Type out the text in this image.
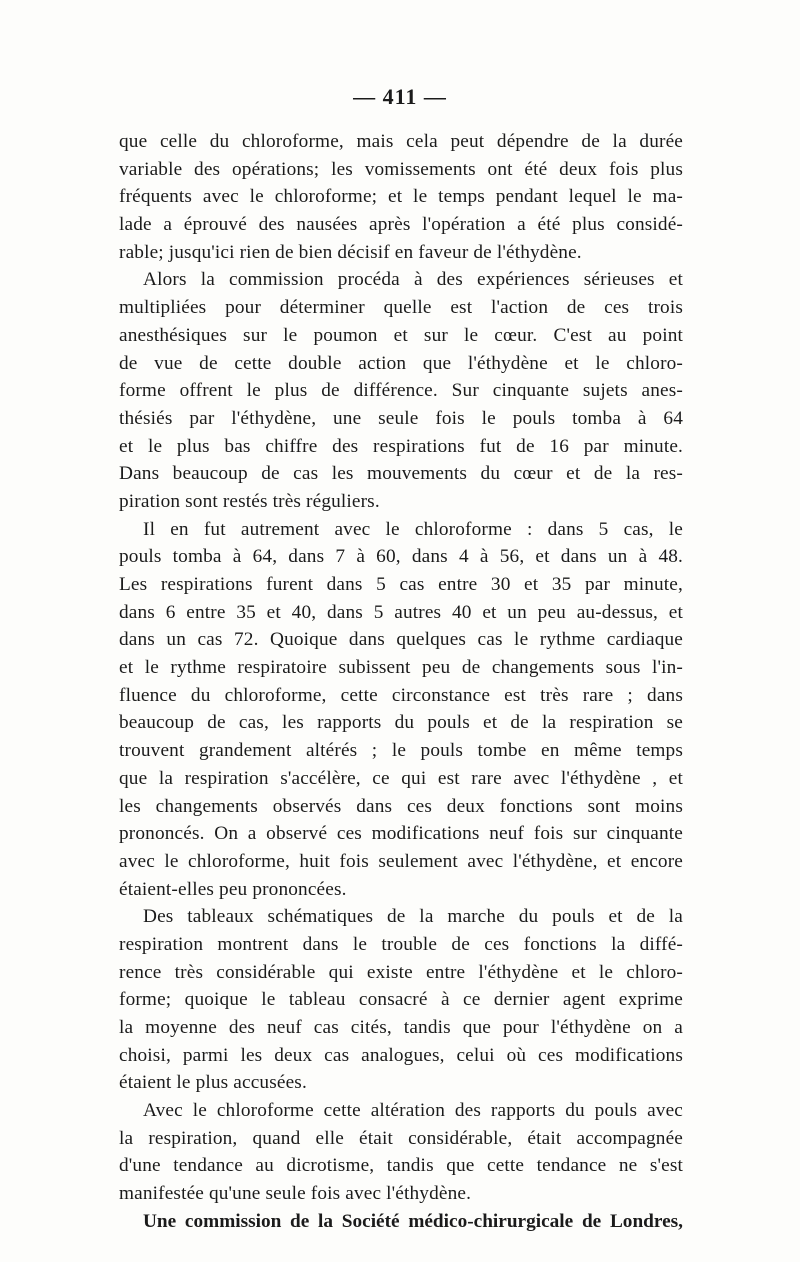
— 411 —
que celle du chloroforme, mais cela peut dépendre de la durée
variable des opérations; les vomissements ont été deux fois plus
fréquents avec le chloroforme; et le temps pendant lequel le ma-
lade a éprouvé des nausées après l'opération a été plus considé-
rable; jusqu'ici rien de bien décisif en faveur de l'éthydène.
Alors la commission procéda à des expériences sérieuses et
multipliées pour déterminer quelle est l'action de ces trois
anesthésiques sur le poumon et sur le cœur. C'est au point
de vue de cette double action que l'éthydène et le chloro-
forme offrent le plus de différence. Sur cinquante sujets anes-
thésiés par l'éthydène, une seule fois le pouls tomba à 64
et le plus bas chiffre des respirations fut de 16 par minute.
Dans beaucoup de cas les mouvements du cœur et de la res-
piration sont restés très réguliers.
Il en fut autrement avec le chloroforme : dans 5 cas, le
pouls tomba à 64, dans 7 à 60, dans 4 à 56, et dans un à 48.
Les respirations furent dans 5 cas entre 30 et 35 par minute,
dans 6 entre 35 et 40, dans 5 autres 40 et un peu au-dessus, et
dans un cas 72. Quoique dans quelques cas le rythme cardiaque
et le rythme respiratoire subissent peu de changements sous l'in-
fluence du chloroforme, cette circonstance est très rare ; dans
beaucoup de cas, les rapports du pouls et de la respiration se
trouvent grandement altérés ; le pouls tombe en même temps
que la respiration s'accélère, ce qui est rare avec l'éthydène , et
les changements observés dans ces deux fonctions sont moins
prononcés. On a observé ces modifications neuf fois sur cinquante
avec le chloroforme, huit fois seulement avec l'éthydène, et encore
étaient-elles peu prononcées.
Des tableaux schématiques de la marche du pouls et de la
respiration montrent dans le trouble de ces fonctions la diffé-
rence très considérable qui existe entre l'éthydène et le chloro-
forme; quoique le tableau consacré à ce dernier agent exprime
la moyenne des neuf cas cités, tandis que pour l'éthydène on a
choisi, parmi les deux cas analogues, celui où ces modifications
étaient le plus accusées.
Avec le chloroforme cette altération des rapports du pouls avec
la respiration, quand elle était considérable, était accompagnée
d'une tendance au dicrotisme, tandis que cette tendance ne s'est
manifestée qu'une seule fois avec l'éthydène.
Une commission de la Société médico-chirurgicale de Londres,
